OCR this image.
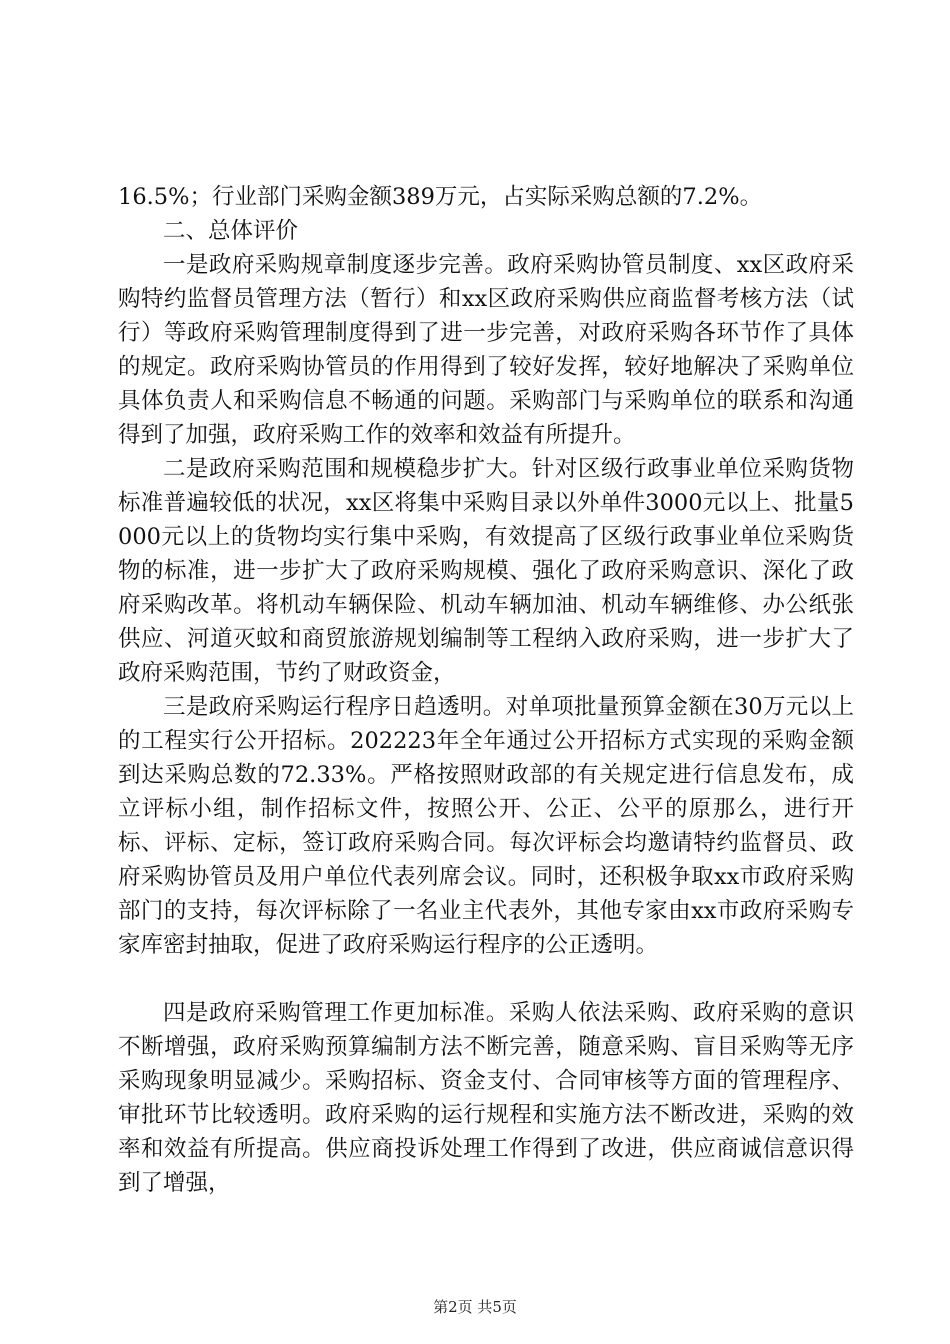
16.5%；行业部门采购金额389万元，占实际采购总额的7.2%。

二、总体评价

一是政府采购规章制度逐步完善。政府采购协管员制度、xx区政府采购特约监督员管理方法（暂行）和xx区政府采购供应商监督考核方法（试行）等政府采购管理制度得到了进一步完善，对政府采购各环节作了具体的规定。政府采购协管员的作用得到了较好发挥，较好地解决了采购单位具体负责人和采购信息不畅通的问题。采购部门与采购单位的联系和沟通得到了加强，政府采购工作的效率和效益有所提升。

二是政府采购范围和规模稳步扩大。针对区级行政事业单位采购货物标准普遍较低的状况，xx区将集中采购目录以外单件3000元以上、批量5000元以上的货物均实行集中采购，有效提高了区级行政事业单位采购货物的标准，进一步扩大了政府采购规模、强化了政府采购意识、深化了政府采购改革。将机动车辆保险、机动车辆加油、机动车辆维修、办公纸张供应、河道灭蚊和商贸旅游规划编制等工程纳入政府采购，进一步扩大了政府采购范围，节约了财政资金，

三是政府采购运行程序日趋透明。对单项批量预算金额在30万元以上的工程实行公开招标。202223年全年通过公开招标方式实现的采购金额到达采购总数的72.33%。严格按照财政部的有关规定进行信息发布，成立评标小组，制作招标文件，按照公开、公正、公平的原那么，进行开标、评标、定标，签订政府采购合同。每次评标会均邀请特约监督员、政府采购协管员及用户单位代表列席会议。同时，还积极争取xx市政府采购部门的支持，每次评标除了一名业主代表外，其他专家由xx市政府采购专家库密封抽取，促进了政府采购运行程序的公正透明。

四是政府采购管理工作更加标准。采购人依法采购、政府采购的意识不断增强，政府采购预算编制方法不断完善，随意采购、盲目采购等无序采购现象明显减少。采购招标、资金支付、合同审核等方面的管理程序、审批环节比较透明。政府采购的运行规程和实施方法不断改进，采购的效率和效益有所提高。供应商投诉处理工作得到了改进，供应商诚信意识得到了增强，

第2页 共5页
